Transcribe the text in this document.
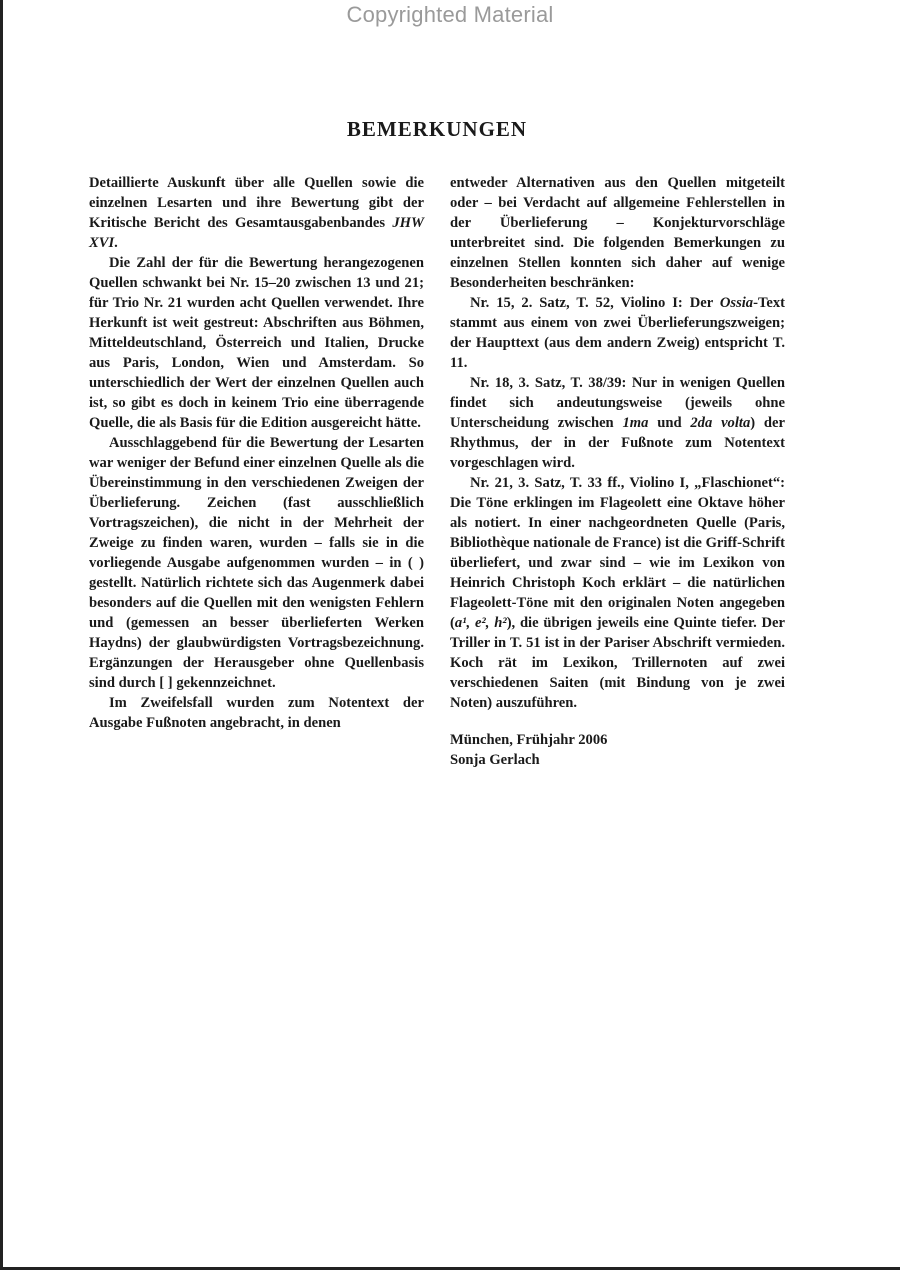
Copyrighted Material
BEMERKUNGEN

Detaillierte Auskunft über alle Quellen sowie die einzelnen Lesarten und ihre Bewertung gibt der Kritische Bericht des Gesamtausgabenbandes JHW XVI.

Die Zahl der für die Bewertung herangezogenen Quellen schwankt bei Nr. 15–20 zwischen 13 und 21; für Trio Nr. 21 wurden acht Quellen verwendet. Ihre Herkunft ist weit gestreut: Abschriften aus Böhmen, Mitteldeutschland, Österreich und Italien, Drucke aus Paris, London, Wien und Amsterdam. So unterschiedlich der Wert der einzelnen Quellen auch ist, so gibt es doch in keinem Trio eine überragende Quelle, die als Basis für die Edition ausgereicht hätte.

Ausschlaggebend für die Bewertung der Lesarten war weniger der Befund einer einzelnen Quelle als die Übereinstimmung in den verschiedenen Zweigen der Überlieferung. Zeichen (fast ausschließlich Vortragszeichen), die nicht in der Mehrheit der Zweige zu finden waren, wurden – falls sie in die vorliegende Ausgabe aufgenommen wurden – in ( ) gestellt. Natürlich richtete sich das Augenmerk dabei besonders auf die Quellen mit den wenigsten Fehlern und (gemessen an besser überlieferten Werken Haydns) der glaubwürdigsten Vortragsbezeichnung. Ergänzungen der Herausgeber ohne Quellenbasis sind durch [ ] gekennzeichnet.

Im Zweifelsfall wurden zum Notentext der Ausgabe Fußnoten angebracht, in denen

entweder Alternativen aus den Quellen mitgeteilt oder – bei Verdacht auf allgemeine Fehlerstellen in der Überlieferung – Konjekturvorschläge unterbreitet sind. Die folgenden Bemerkungen zu einzelnen Stellen konnten sich daher auf wenige Besonderheiten beschränken:

Nr. 15, 2. Satz, T. 52, Violino I: Der Ossia-Text stammt aus einem von zwei Überlieferungszweigen; der Haupttext (aus dem andern Zweig) entspricht T. 11.

Nr. 18, 3. Satz, T. 38/39: Nur in wenigen Quellen findet sich andeutungsweise (jeweils ohne Unterscheidung zwischen 1ma und 2da volta) der Rhythmus, der in der Fußnote zum Notentext vorgeschlagen wird.

Nr. 21, 3. Satz, T. 33 ff., Violino I, „Flaschionet“: Die Töne erklingen im Flageolett eine Oktave höher als notiert. In einer nachgeordneten Quelle (Paris, Bibliothèque nationale de France) ist die Griff-Schrift überliefert, und zwar sind – wie im Lexikon von Heinrich Christoph Koch erklärt – die natürlichen Flageolett-Töne mit den originalen Noten angegeben (a¹, e², h²), die übrigen jeweils eine Quinte tiefer. Der Triller in T. 51 ist in der Pariser Abschrift vermieden. Koch rät im Lexikon, Trillernoten auf zwei verschiedenen Saiten (mit Bindung von je zwei Noten) auszuführen.

München, Frühjahr 2006
Sonja Gerlach
